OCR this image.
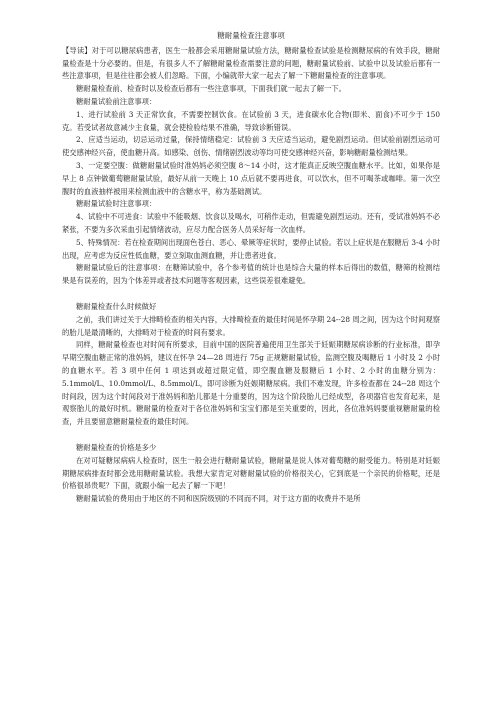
糖耐量检查注意事项

【导读】对于可以糖尿病患者，医生一般都会采用糖耐量试验方法，糖耐量检查试验是检测糖尿病的有效手段，糖耐量检查是十分必要的。但是，有很多人不了解糖耐量检查需要注意的问题，糖耐量试验前、试验中以及试验后都有一些注意事项，但是往往都会被人们忽略。下面，小编就带大家一起去了解一下糖耐量检查的注意事项。

糖耐量检查前、检查时以及检查后都有一些注意事项，下面我们就一起去了解一下。

糖耐量试验前注意事项：

1、进行试验前 3 天正常饮食，不需要控制饮食。在试验前 3 天，进食碳水化合物(即米、面食)不可少于 150 克。若受试者故意减少主食量，就会使检验结果不准确，导致诊断错误。

2、应适当运动，切忌运动过量，保持情绪稳定：试验前 3 天应适当运动，避免剧烈运动。但试验前剧烈运动可使交感神经兴奋，使血糖升高。如感染、创伤、情绪剧烈波动等均可使交感神经兴奋，影响糖耐量检测结果。

3、一定要空腹：做糖耐量试验时准妈妈必须空腹 8～14 小时，这才能真正反映空腹血糖水平。比如，如果你是早上 8 点钟做葡萄糖耐量试验，最好从前一天晚上 10 点后就不要再进食，可以饮水，但不可喝茶或咖啡。第一次空腹时的血液抽样被用来检测血液中的含糖水平，称为基础测试。

糖耐量试验时注意事项：

4、试验中不可进食：试验中不能吸烟、饮食以及喝水，可稍作走动，但需避免剧烈运动。还有，受试准妈妈不必紧张，不要为多次采血引起情绪波动，应尽力配合医务人员采好每一次血样。

5、特殊情况：若在检查期间出现面色苍白、恶心、晕厥等症状时，要停止试验。若以上症状是在服糖后 3-4 小时出现，应考虑为反应性低血糖，要立刻取血测血糖，并让患者进食。

糖耐量试验后的注意事项：在糖筛试验中，各个参考值的统计也是综合大量的样本后得出的数值，糖筛的检测结果是有误差的，因为个体差异或者技术问题等客观因素，这些误差很难避免。

糖耐量检查什么时候做好

之前，我们讲过关于大排畸检查的相关内容，大排畸检查的最佳时间是怀孕期 24--28 周之间，因为这个时间观察的胎儿是最清晰的，大排畸对于检查的时间有要求。

同样，糖耐量检查也对时间有所要求，目前中国的医院普遍使用卫生部关于妊娠期糖尿病诊断的行业标准，即孕早期空腹血糖正常的准妈妈，建议在怀孕 24—28 周进行 75g 正规糖耐量试验，监测空腹及喝糖后 1 小时及 2 小时的血糖水平。若 3 项中任何 1 项达到或超过限定值，即空腹血糖及服糖后 1 小时、2 小时的血糖分别为：5.1mmol/L、10.0mmol/L、8.5mmol/L，即可诊断为妊娠期糖尿病。我们不难发现，许多检查都在 24--28 周这个时间段，因为这个时间段对于准妈妈和胎儿都是十分重要的，因为这个阶段胎儿已经成型，各项器官也发育起来，是观察胎儿的最好时机。糖耐量的检查对于各位准妈妈和宝宝们都是至关重要的，因此，各位准妈妈要重视糖耐量的检查，并且要留意糖耐量检查的最佳时间。

糖耐量检查的价格是多少

在对可疑糖尿病病人检查时，医生一般会进行糖耐量试验，糖耐量是说人体对葡萄糖的耐受能力。特别是对妊娠期糖尿病排查时都会选用糖耐量试验。我想大家肯定对糖耐量试验的价格很关心，它到底是一个亲民的价格呢，还是价格很昂贵呢？下面，就跟小编一起去了解一下吧！

糖耐量试验的费用由于地区的不同和医院级别的不同而不同，对于这方面的收费并不是所
